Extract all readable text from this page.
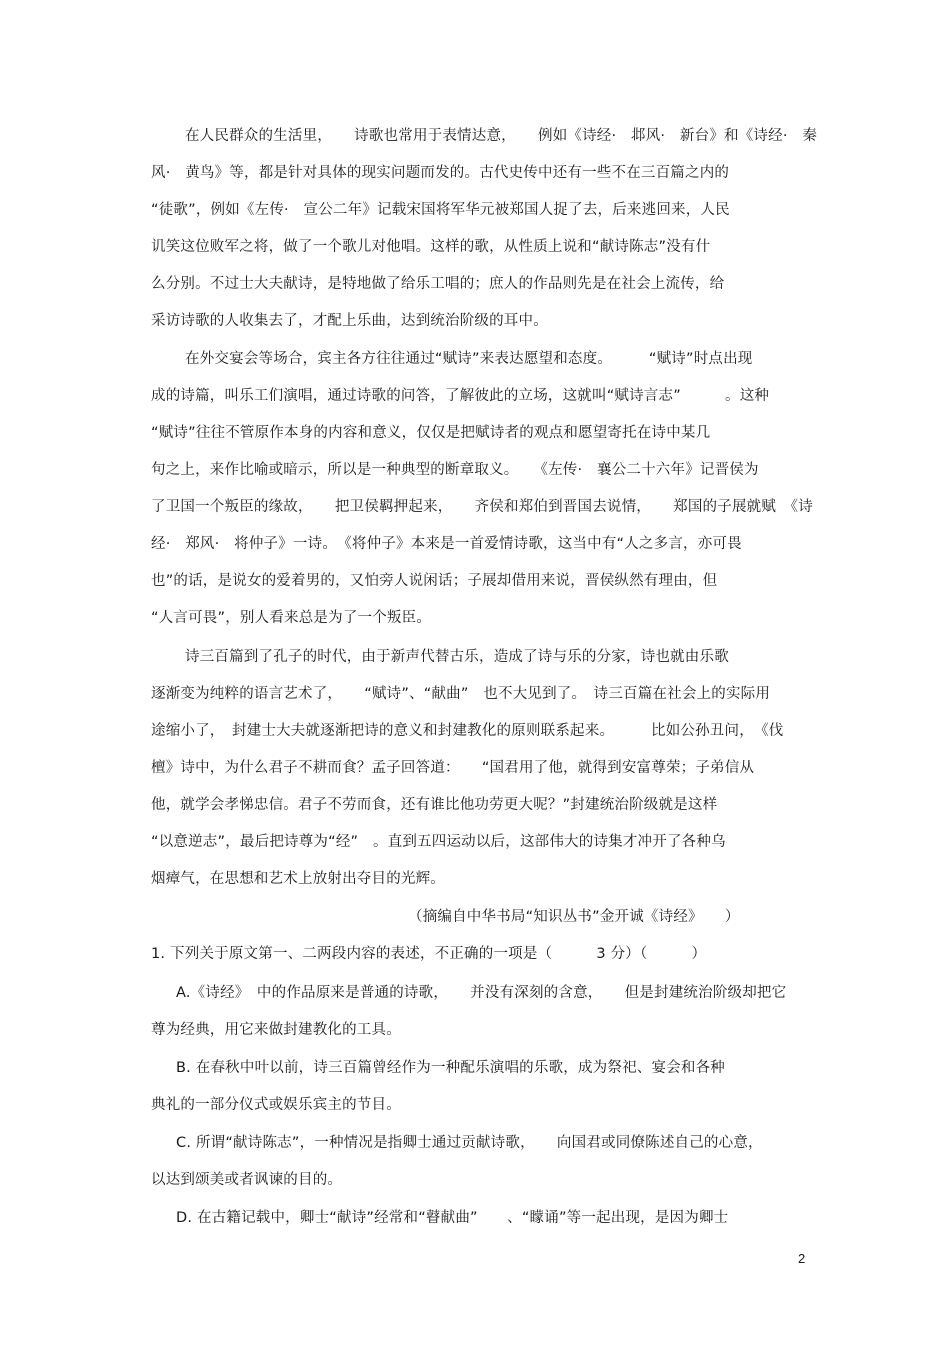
在人民群众的生活里，　　诗歌也常用于表情达意，　　例如《诗经·　邶风·　新台》和《诗经·　秦
风·　黄鸟》等，都是针对具体的现实问题而发的。古代史传中还有一些不在三百篇之内的
“徒歌”，例如《左传·　宣公二年》记载宋国将军华元被郑国人捉了去，后来逃回来，人民
讥笑这位败军之将，做了一个歌儿对他唱。这样的歌，从性质上说和“献诗陈志”没有什
么分别。不过士大夫献诗，是特地做了给乐工唱的；庶人的作品则先是在社会上流传，给
采访诗歌的人收集去了，才配上乐曲，达到统治阶级的耳中。
在外交宴会等场合，宾主各方往往通过“赋诗”来表达愿望和态度。　　　“赋诗”时点出现
成的诗篇，叫乐工们演唱，通过诗歌的问答，了解彼此的立场，这就叫“赋诗言志”　　　。这种
“赋诗”往往不管原作本身的内容和意义，仅仅是把赋诗者的观点和愿望寄托在诗中某几
句之上，来作比喻或暗示，所以是一种典型的断章取义。　　《左传·　襄公二十六年》记晋侯为
了卫国一个叛臣的缘故，　　把卫侯羁押起来，　　齐侯和郑伯到晋国去说情，　　郑国的子展就赋　《诗
经·　郑风·　将仲子》一诗。　《将仲子》本来是一首爱情诗歌，这当中有“人之多言，亦可畏
也”的话，是说女的爱着男的，又怕旁人说闲话；子展却借用来说，晋侯纵然有理由，但
“人言可畏”，别人看来总是为了一个叛臣。
诗三百篇到了孔子的时代，由于新声代替古乐，造成了诗与乐的分家，诗也就由乐歌
逐渐变为纯粹的语言艺术了，　　“赋诗”、“献曲”　也不大见到了。　诗三百篇在社会上的实际用
途缩小了，　封建士大夫就逐渐把诗的意义和封建教化的原则联系起来。　　　比如公孙丑问，　《伐
檀》诗中，为什么君子不耕而食？孟子回答道：　　“国君用了他，就得到安富尊荣；子弟信从
他，就学会孝悌忠信。君子不劳而食，还有谁比他功劳更大呢？”封建统治阶级就是这样
“以意逆志”，最后把诗尊为“经”　。直到五四运动以后，这部伟大的诗集才冲开了各种乌
烟瘴气，在思想和艺术上放射出夺目的光辉。
（摘编自中华书局“知识丛书”金开诚《诗经》　　）
1. 下列关于原文第一、二两段内容的表述，不正确的一项是（　　　3 分）（　　　）
A.《诗经》　中的作品原来是普通的诗歌，　　并没有深刻的含意，　　但是封建统治阶级却把它
尊为经典，用它来做封建教化的工具。
B. 在春秋中叶以前，诗三百篇曾经作为一种配乐演唱的乐歌，成为祭祀、宴会和各种
典礼的一部分仪式或娱乐宾主的节目。
C. 所谓“献诗陈志”，一种情况是指卿士通过贡献诗歌，　　向国君或同僚陈述自己的心意，
以达到颂美或者讽谏的目的。
D. 在古籍记载中，卿士“献诗”经常和“瞽献曲”　　、“矇诵”等一起出现，是因为卿士
2
